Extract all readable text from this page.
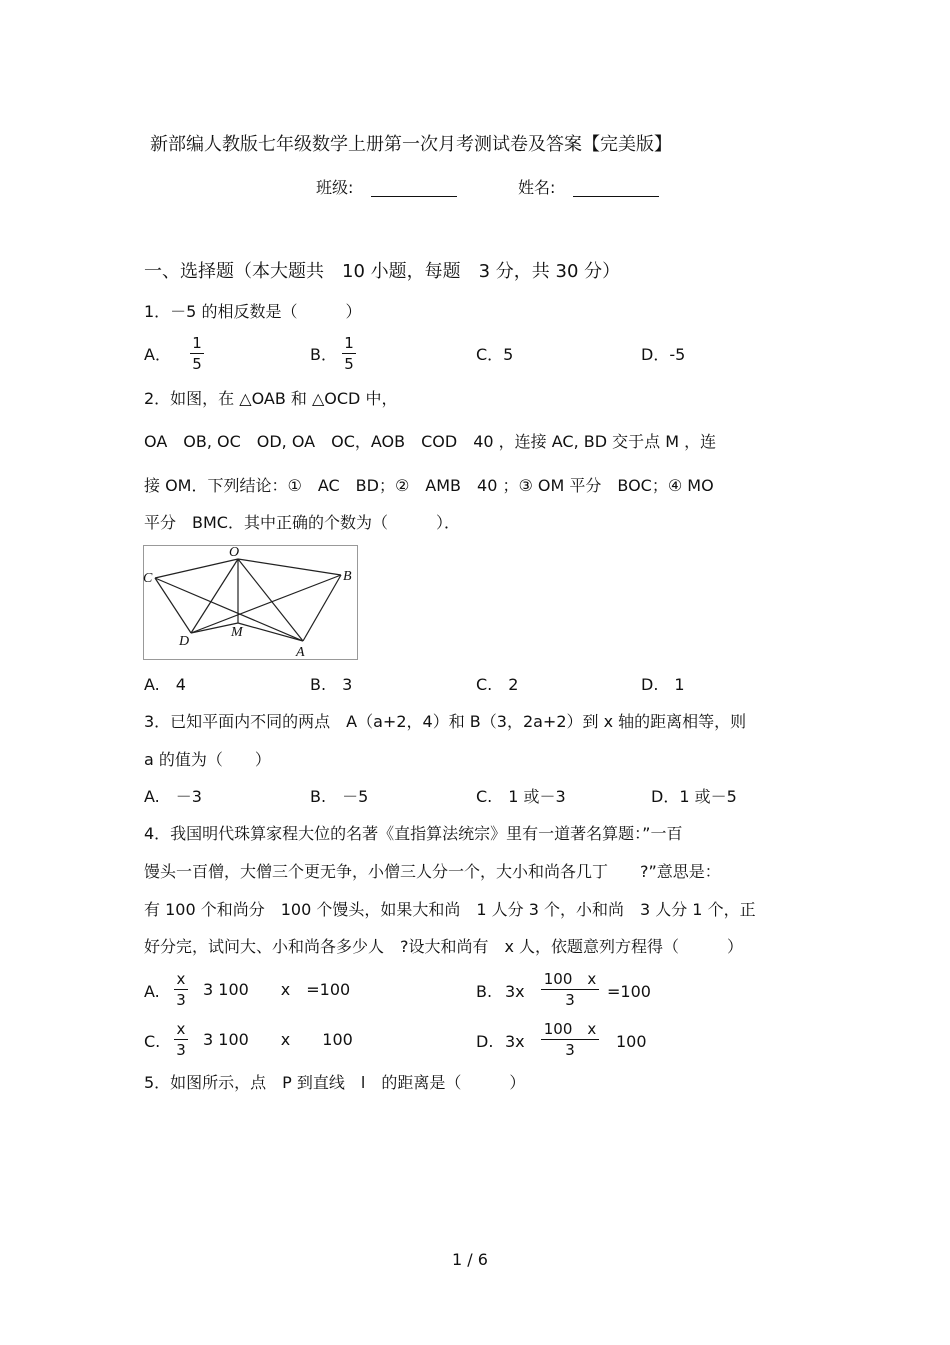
新部编人教版七年级数学上册第一次月考测试卷及答案【完美版】
班级:	姓名:
一、选择题（本大题共　10 小题，每题　3 分，共 30 分）
1．－5 的相反数是（　　　）
A．
1
5	B．
1
5	C．5	D．-5
2．如图，在 △OAB 和 △OCD 中，
OA　OB, OC　OD, OA　OC，AOB　COD　40 ，连接 AC, BD 交于点 M ，连
接 OM．下列结论：①　AC　BD；②　AMB　40 ；③ OM 平分　BOC；④ MO
平分　BMC．其中正确的个数为（　　　）．
O
C	B
D
M
A
A.　4	B.　3	C.　2	D.　1
3．已知平面内不同的两点　A（a+2，4）和 B（3，2a+2）到 x 轴的距离相等，则
a 的值为（　　）
A.　－3	B.　－5	C.　1 或－3	D．1 或－5
4．我国明代珠算家程大位的名著《直指算法统宗》里有一道著名算题：”一百
馒头一百僧，大僧三个更无争，小僧三人分一个，大小和尚各几丁　　?”意思是：
有 100 个和尚分　100 个馒头，如果大和尚　1 人分 3 个，小和尚　3 人分 1 个，正
好分完，试问大、小和尚各多少人　?设大和尚有　x 人，依题意列方程得（　　　）
A.
x
3
3 100　　x　=100	B. 3x
100　x
3	=100
C.
x
3
3 100　　x　　100	D. 3x
100　x
3	100
5．如图所示，点　P 到直线　l　的距离是（　　　）
1 / 6
